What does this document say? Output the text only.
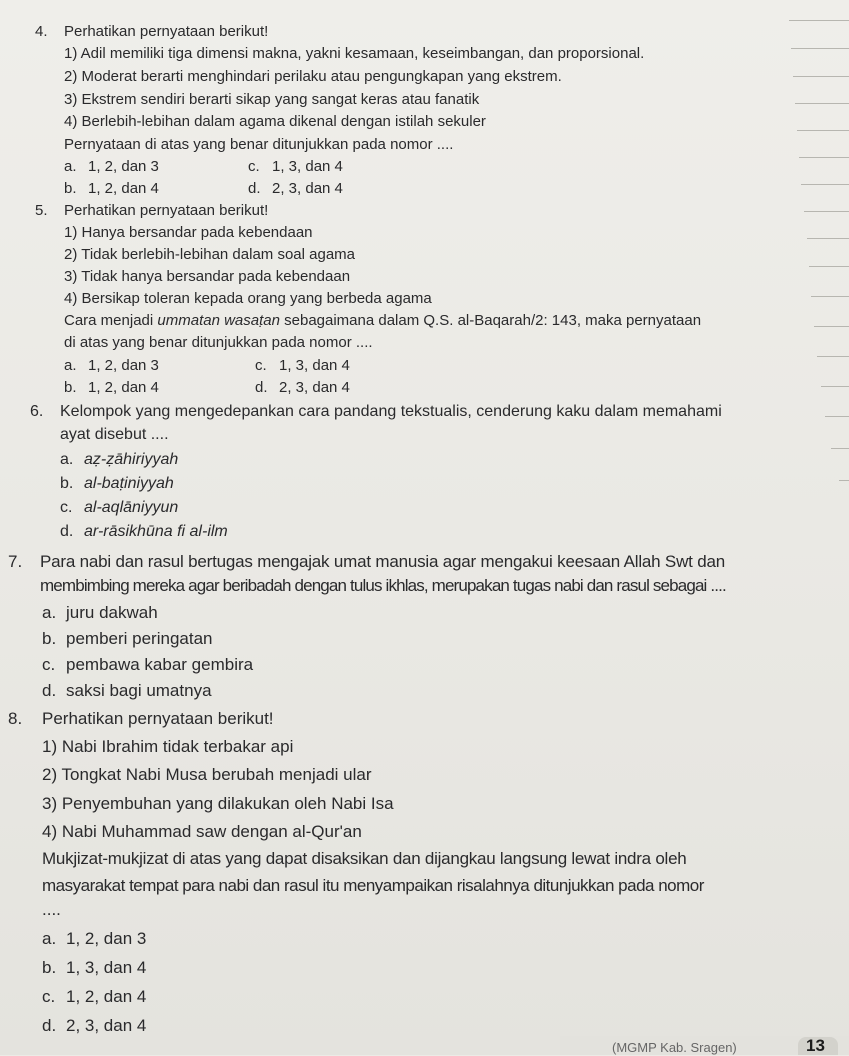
4. Perhatikan pernyataan berikut!
1) Adil memiliki tiga dimensi makna, yakni kesamaan, keseimbangan, dan proporsional.
2) Moderat berarti menghindari perilaku atau pengungkapan yang ekstrem.
3) Ekstrem sendiri berarti sikap yang sangat keras atau fanatik
4) Berlebih-lebihan dalam agama dikenal dengan istilah sekuler
Pernyataan di atas yang benar ditunjukkan pada nomor ....
a. 1, 2, dan 3	c. 1, 3, dan 4
b. 1, 2, dan 4	d. 2, 3, dan 4
5. Perhatikan pernyataan berikut!
1) Hanya bersandar pada kebendaan
2) Tidak berlebih-lebihan dalam soal agama
3) Tidak hanya bersandar pada kebendaan
4) Bersikap toleran kepada orang yang berbeda agama
Cara menjadi ummatan wasaṭan sebagaimana dalam Q.S. al-Baqarah/2: 143, maka pernyataan
di atas yang benar ditunjukkan pada nomor ....
a. 1, 2, dan 3	c. 1, 3, dan 4
b. 1, 2, dan 4	d. 2, 3, dan 4
6. Kelompok yang mengedepankan cara pandang tekstualis, cenderung kaku dalam memahami
ayat disebut ....
a. aẓ-ẓāhiriyyah
b. al-baṭiniyyah
c. al-aqlāniyyun
d. ar-rāsikhūna fi al-ilm
7. Para nabi dan rasul bertugas mengajak umat manusia agar mengakui keesaan Allah Swt dan
membimbing mereka agar beribadah dengan tulus ikhlas, merupakan tugas nabi dan rasul sebagai ....
a. juru dakwah
b. pemberi peringatan
c. pembawa kabar gembira
d. saksi bagi umatnya
8. Perhatikan pernyataan berikut!
1) Nabi Ibrahim tidak terbakar api
2) Tongkat Nabi Musa berubah menjadi ular
3) Penyembuhan yang dilakukan oleh Nabi Isa
4) Nabi Muhammad saw dengan al-Qur'an
Mukjizat-mukjizat di atas yang dapat disaksikan dan dijangkau langsung lewat indra oleh
masyarakat tempat para nabi dan rasul itu menyampaikan risalahnya ditunjukkan pada nomor
....
a. 1, 2, dan 3
b. 1, 3, dan 4
c. 1, 2, dan 4
d. 2, 3, dan 4
(MGMP Kab. Sragen)	13
